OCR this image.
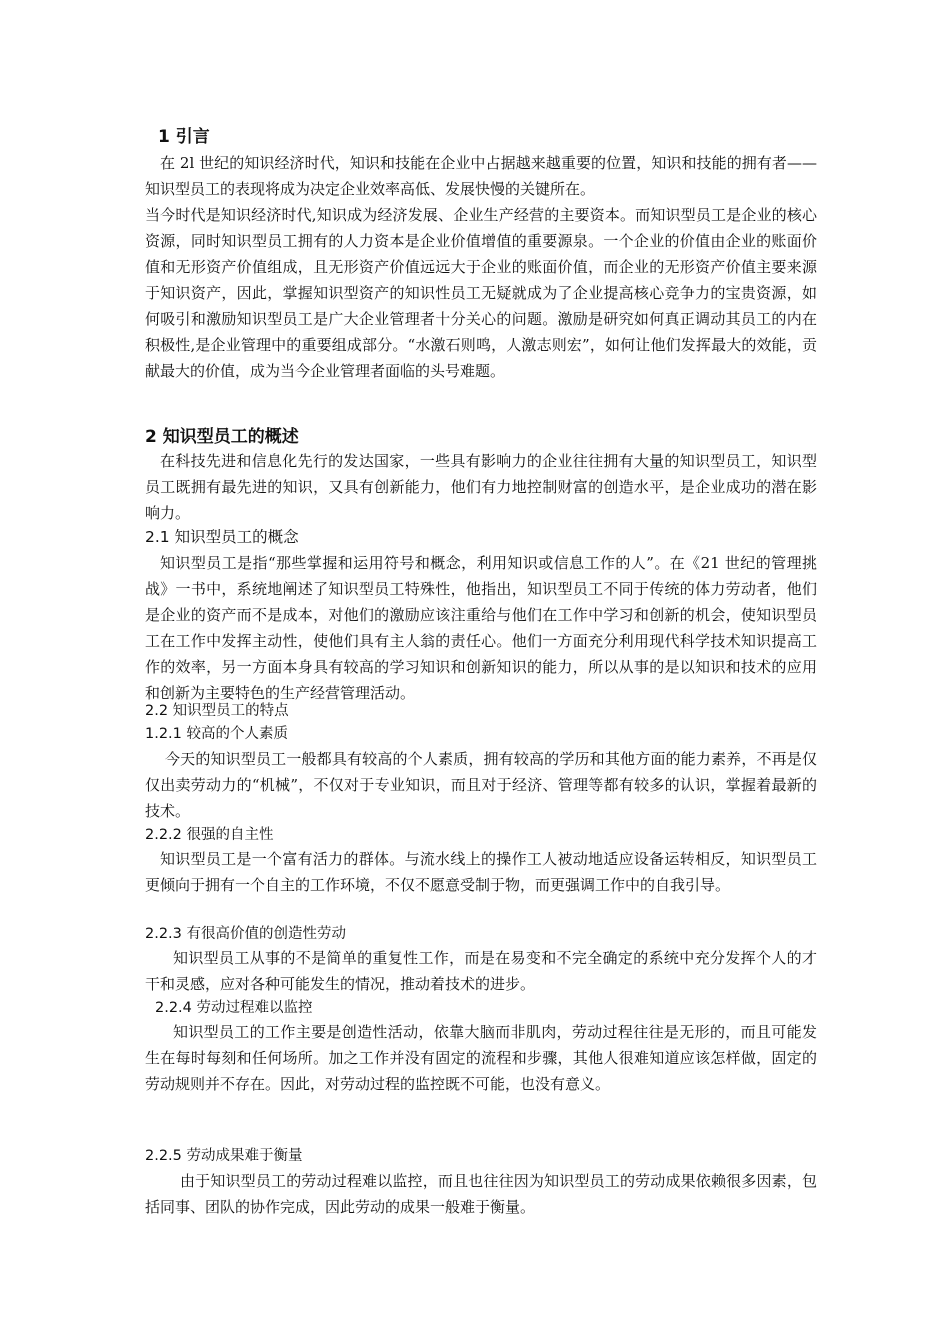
1 引言

在 2l 世纪的知识经济时代，知识和技能在企业中占据越来越重要的位置，知识和技能的拥有者——知识型员工的表现将成为决定企业效率高低、发展快慢的关键所在。

当今时代是知识经济时代,知识成为经济发展、企业生产经营的主要资本。而知识型员工是企业的核心资源，同时知识型员工拥有的人力资本是企业价值增值的重要源泉。一个企业的价值由企业的账面价值和无形资产价值组成，且无形资产价值远远大于企业的账面价值，而企业的无形资产价值主要来源于知识资产，因此，掌握知识型资产的知识性员工无疑就成为了企业提高核心竞争力的宝贵资源，如何吸引和激励知识型员工是广大企业管理者十分关心的问题。激励是研究如何真正调动其员工的内在积极性,是企业管理中的重要组成部分。“水激石则鸣，人激志则宏”，如何让他们发挥最大的效能，贡献最大的价值，成为当今企业管理者面临的头号难题。

2 知识型员工的概述

在科技先进和信息化先行的发达国家，一些具有影响力的企业往往拥有大量的知识型员工，知识型员工既拥有最先进的知识，又具有创新能力，他们有力地控制财富的创造水平，是企业成功的潜在影响力。

2.1 知识型员工的概念

知识型员工是指“那些掌握和运用符号和概念，利用知识或信息工作的人”。在《21 世纪的管理挑战》一书中，系统地阐述了知识型员工特殊性，他指出，知识型员工不同于传统的体力劳动者，他们是企业的资产而不是成本，对他们的激励应该注重给与他们在工作中学习和创新的机会，使知识型员工在工作中发挥主动性，使他们具有主人翁的责任心。他们一方面充分利用现代科学技术知识提高工作的效率，另一方面本身具有较高的学习知识和创新知识的能力，所以从事的是以知识和技术的应用和创新为主要特色的生产经营管理活动。

2.2 知识型员工的特点
1.2.1 较高的个人素质

今天的知识型员工一般都具有较高的个人素质，拥有较高的学历和其他方面的能力素养，不再是仅仅出卖劳动力的“机械”，不仅对于专业知识，而且对于经济、管理等都有较多的认识，掌握着最新的技术。

2.2.2 很强的自主性

知识型员工是一个富有活力的群体。与流水线上的操作工人被动地适应设备运转相反，知识型员工更倾向于拥有一个自主的工作环境，不仅不愿意受制于物，而更强调工作中的自我引导。

2.2.3 有很高价值的创造性劳动

知识型员工从事的不是简单的重复性工作，而是在易变和不完全确定的系统中充分发挥个人的才干和灵感，应对各种可能发生的情况，推动着技术的进步。

2.2.4 劳动过程难以监控

知识型员工的工作主要是创造性活动，依靠大脑而非肌肉，劳动过程往往是无形的，而且可能发生在每时每刻和任何场所。加之工作并没有固定的流程和步骤，其他人很难知道应该怎样做，固定的劳动规则并不存在。因此，对劳动过程的监控既不可能，也没有意义。

2.2.5 劳动成果难于衡量

由于知识型员工的劳动过程难以监控，而且也往往因为知识型员工的劳动成果依赖很多因素，包括同事、团队的协作完成，因此劳动的成果一般难于衡量。
